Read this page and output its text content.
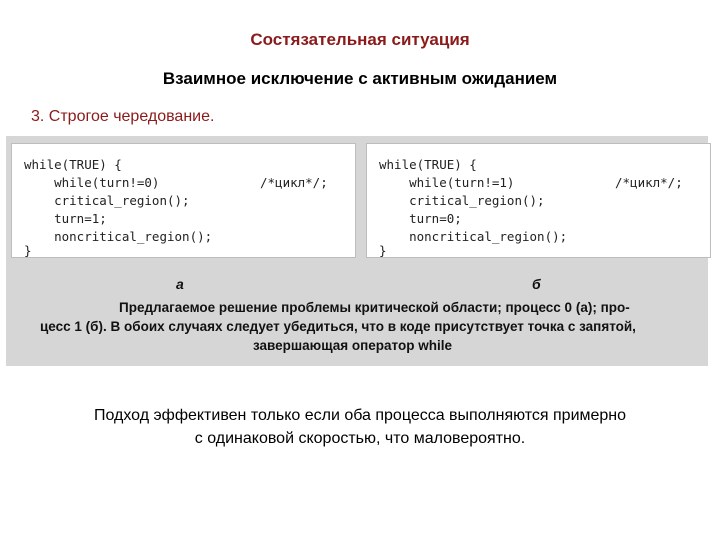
Состязательная ситуация
Взаимное исключение с активным ожиданием
3. Строгое чередование.
while(TRUE) {
while(turn!=0)	/*цикл*/;
critical_region();
turn=1;
noncritical_region();
}
while(TRUE) {
while(turn!=1)	/*цикл*/;
critical_region();
turn=0;
noncritical_region();
}
а	б
Предлагаемое решение проблемы критической области; процесс 0 (а); про-
цесс 1 (б). В обоих случаях следует убедиться, что в коде присутствует точка с запятой,
завершающая оператор while
Подход эффективен только если оба процесса выполняются примерно
с одинаковой скоростью, что маловероятно.
